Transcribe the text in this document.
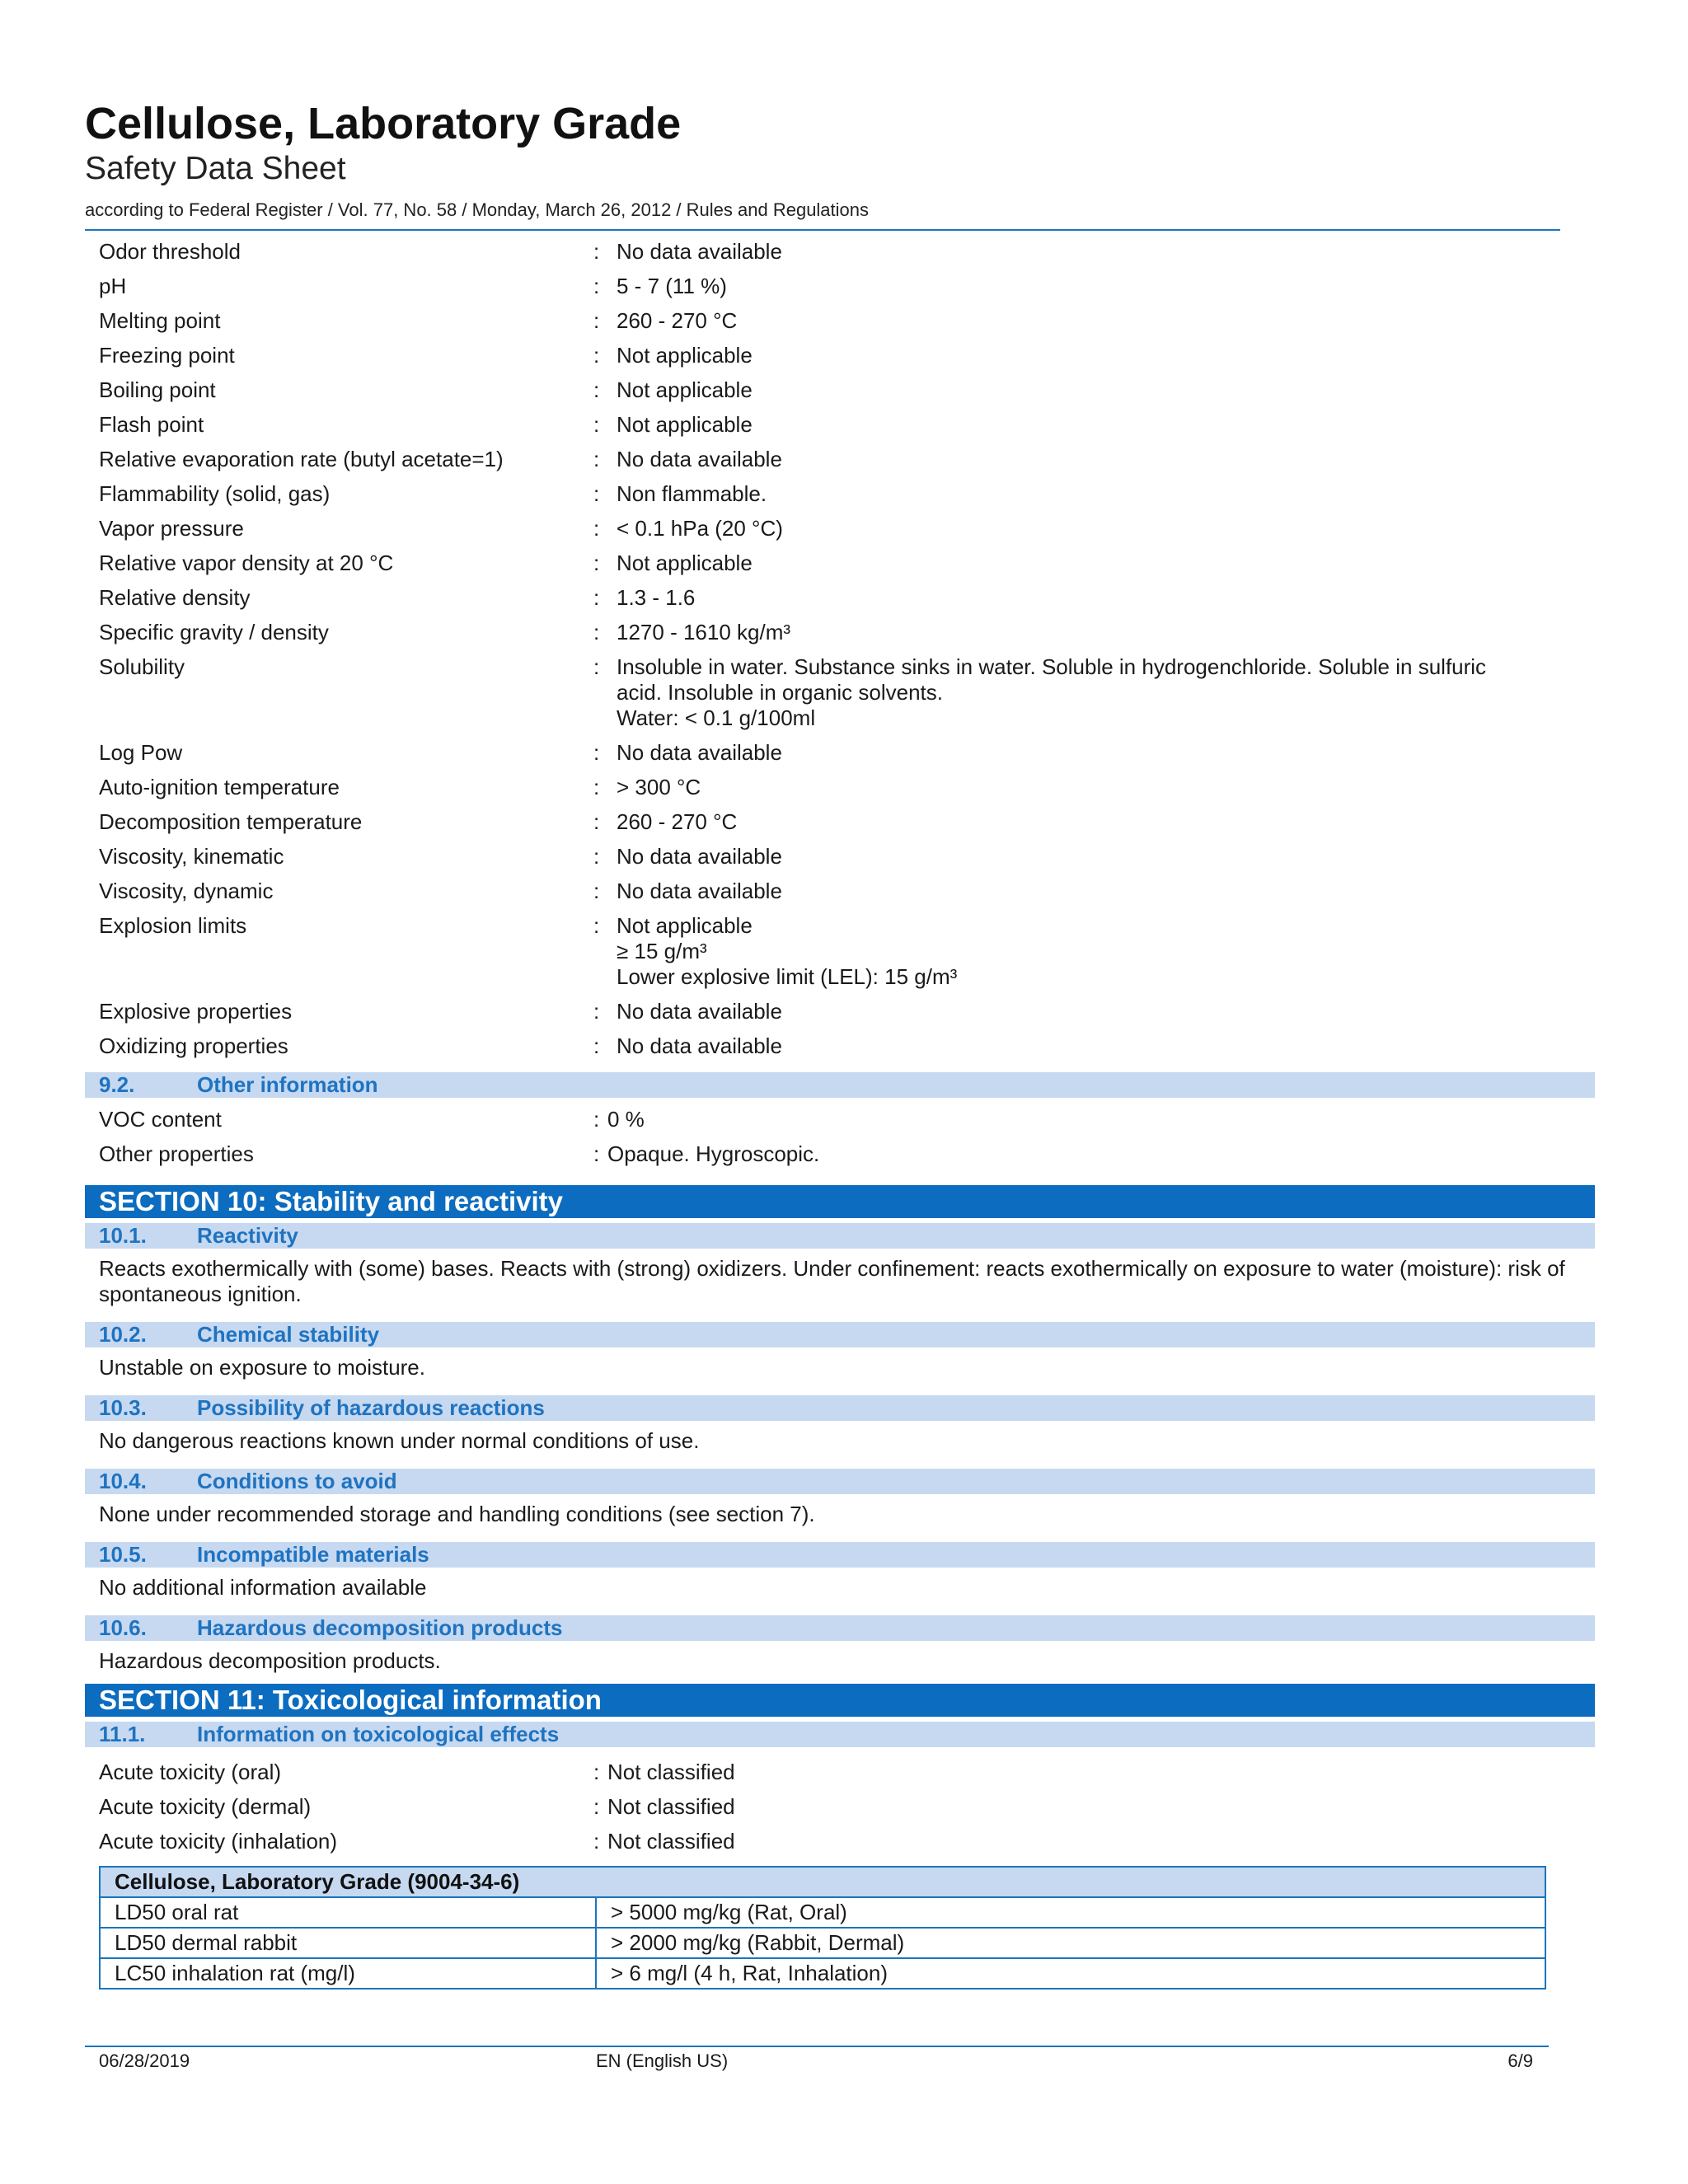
Cellulose, Laboratory Grade
Safety Data Sheet
according to Federal Register / Vol. 77, No. 58 / Monday, March 26, 2012 / Rules and Regulations
Odor threshold	: No data available
pH	: 5 - 7 (11 %)
Melting point	: 260 - 270 °C
Freezing point	: Not applicable
Boiling point	: Not applicable
Flash point	: Not applicable
Relative evaporation rate (butyl acetate=1)	: No data available
Flammability (solid, gas)	: Non flammable.
Vapor pressure	: < 0.1 hPa (20 °C)
Relative vapor density at 20 °C	: Not applicable
Relative density	: 1.3 - 1.6
Specific gravity / density	: 1270 - 1610 kg/m³
Solubility	: Insoluble in water. Substance sinks in water. Soluble in hydrogenchloride. Soluble in sulfuric
acid. Insoluble in organic solvents.
Water: < 0.1 g/100ml
Log Pow	: No data available
Auto-ignition temperature	: > 300 °C
Decomposition temperature	: 260 - 270 °C
Viscosity, kinematic	: No data available
Viscosity, dynamic	: No data available
Explosion limits	: Not applicable
≥ 15 g/m³
Lower explosive limit (LEL): 15 g/m³
Explosive properties	: No data available
Oxidizing properties	: No data available
9.2.	Other information
VOC content	: 0 %
Other properties	: Opaque. Hygroscopic.
SECTION 10: Stability and reactivity
10.1. Reactivity
Reacts exothermically with (some) bases. Reacts with (strong) oxidizers. Under confinement: reacts exothermically on exposure to water (moisture): risk of spontaneous ignition.
10.2. Chemical stability
Unstable on exposure to moisture.
10.3. Possibility of hazardous reactions
No dangerous reactions known under normal conditions of use.
10.4. Conditions to avoid
None under recommended storage and handling conditions (see section 7).
10.5. Incompatible materials
No additional information available
10.6. Hazardous decomposition products
Hazardous decomposition products.
SECTION 11: Toxicological information
11.1. Information on toxicological effects
Acute toxicity (oral)	: Not classified
Acute toxicity (dermal)	: Not classified
Acute toxicity (inhalation)	: Not classified
Cellulose, Laboratory Grade (9004-34-6)	
LD50 oral rat	> 5000 mg/kg (Rat, Oral)
LD50 dermal rabbit	> 2000 mg/kg (Rabbit, Dermal)
LC50 inhalation rat (mg/l)	> 6 mg/l (4 h, Rat, Inhalation)
06/28/2019	EN (English US)	6/9
